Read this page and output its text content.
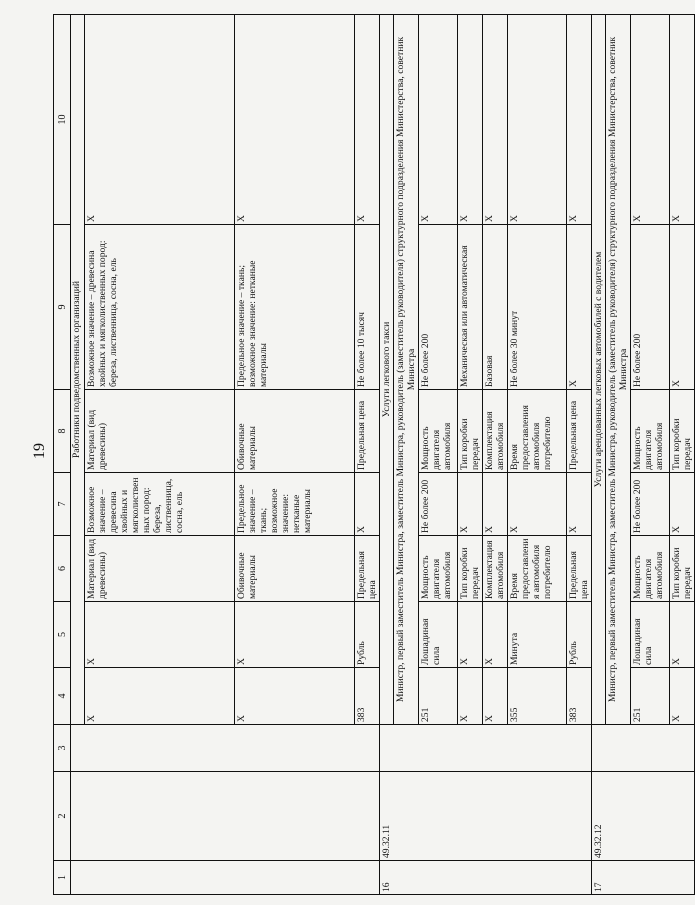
19
1	2	3	4	5	6	7	8	9	10
			Работники подведомственных организаций						
			X	X	Материал (вид древесины)	Возможное значение – древесина хвойных и мягколиственных пород: береза, лиственница, сосна, ель	Материал (вид древесины)	Возможное значение – древесина хвойных и мягколиственных пород: береза, лиственница, сосна, ель	X
			X	X	Обивочные материалы	Предельное значение – ткань; возможное значение: нетканые материалы	Обивочные материалы	Предельное значение – ткань; возможное значение: нетканые материалы	X
			383	Рубль	Предельная цена	X	Предельная цена	Не более 10 тысяч	X
16	49.32.11		Услуги легкового такси						
			Министр, первый заместитель Министра, заместитель Министра, руководитель (заместитель руководителя) структурного подразделения Министерства, советник Министра						
			251	Лошадиная сила	Мощность двигателя автомобиля	Не более 200	Мощность двигателя автомобиля	Не более 200	X
			X	X	Тип коробки передач	X	Тип коробки передач	Механическая или автоматическая	X
			X	X	Комплектация автомобиля	X	Комплектация автомобиля	Базовая	X
			355	Минута	Время предоставления автомобиля потребителю	X	Время предоставления автомобиля потребителю	Не более 30 минут	X
			383	Рубль	Предельная цена	X	Предельная цена	X	X
17	49.32.12		Услуги арендованных легковых автомобилей с водителем						
			Министр, первый заместитель Министра, заместитель Министра, руководитель (заместитель руководителя) структурного подразделения Министерства, советник Министра						
			251	Лошадиная сила	Мощность двигателя автомобиля	Не более 200	Мощность двигателя автомобиля	Не более 200	X
			X	X	Тип коробки передач	X	Тип коробки передач	X	X
